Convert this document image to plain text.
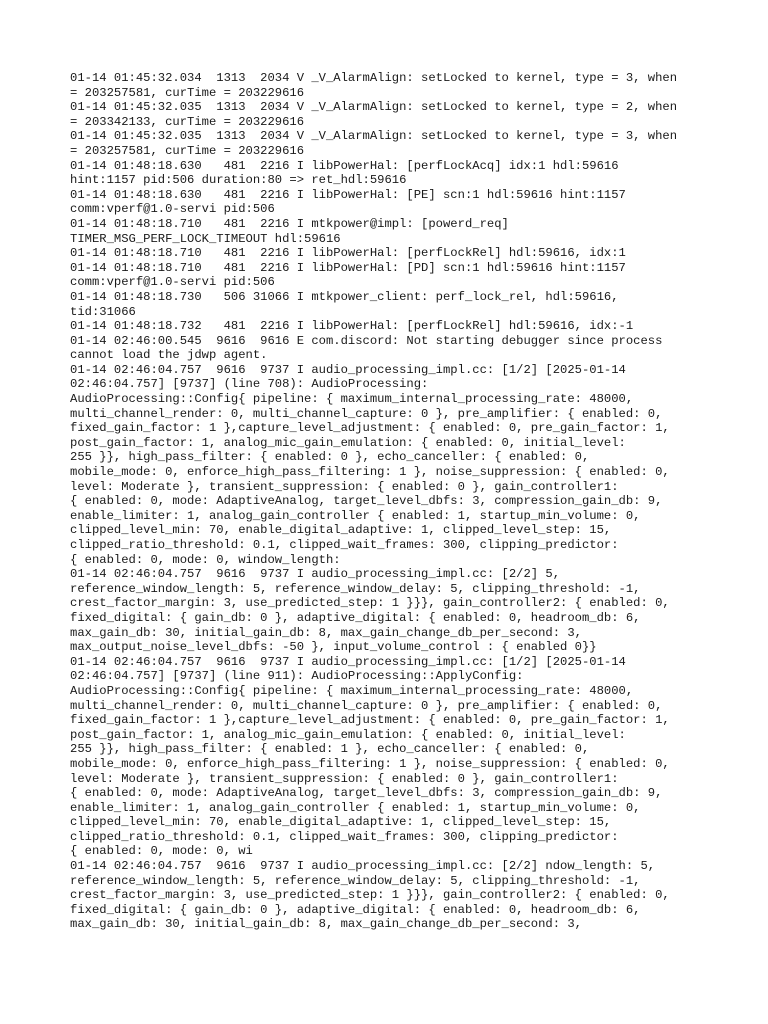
01-14 01:45:32.034  1313  2034 V _V_AlarmAlign: setLocked to kernel, type = 3, when
= 203257581, curTime = 203229616
01-14 01:45:32.035  1313  2034 V _V_AlarmAlign: setLocked to kernel, type = 2, when
= 203342133, curTime = 203229616
01-14 01:45:32.035  1313  2034 V _V_AlarmAlign: setLocked to kernel, type = 3, when
= 203257581, curTime = 203229616
01-14 01:48:18.630   481  2216 I libPowerHal: [perfLockAcq] idx:1 hdl:59616
hint:1157 pid:506 duration:80 => ret_hdl:59616
01-14 01:48:18.630   481  2216 I libPowerHal: [PE] scn:1 hdl:59616 hint:1157
comm:vperf@1.0-servi pid:506
01-14 01:48:18.710   481  2216 I mtkpower@impl: [powerd_req]
TIMER_MSG_PERF_LOCK_TIMEOUT hdl:59616
01-14 01:48:18.710   481  2216 I libPowerHal: [perfLockRel] hdl:59616, idx:1
01-14 01:48:18.710   481  2216 I libPowerHal: [PD] scn:1 hdl:59616 hint:1157
comm:vperf@1.0-servi pid:506
01-14 01:48:18.730   506 31066 I mtkpower_client: perf_lock_rel, hdl:59616,
tid:31066
01-14 01:48:18.732   481  2216 I libPowerHal: [perfLockRel] hdl:59616, idx:-1
01-14 02:46:00.545  9616  9616 E com.discord: Not starting debugger since process
cannot load the jdwp agent.
01-14 02:46:04.757  9616  9737 I audio_processing_impl.cc: [1/2] [2025-01-14
02:46:04.757] [9737] (line 708): AudioProcessing:
AudioProcessing::Config{ pipeline: { maximum_internal_processing_rate: 48000,
multi_channel_render: 0, multi_channel_capture: 0 }, pre_amplifier: { enabled: 0,
fixed_gain_factor: 1 },capture_level_adjustment: { enabled: 0, pre_gain_factor: 1,
post_gain_factor: 1, analog_mic_gain_emulation: { enabled: 0, initial_level:
255 }}, high_pass_filter: { enabled: 0 }, echo_canceller: { enabled: 0,
mobile_mode: 0, enforce_high_pass_filtering: 1 }, noise_suppression: { enabled: 0,
level: Moderate }, transient_suppression: { enabled: 0 }, gain_controller1:
{ enabled: 0, mode: AdaptiveAnalog, target_level_dbfs: 3, compression_gain_db: 9,
enable_limiter: 1, analog_gain_controller { enabled: 1, startup_min_volume: 0,
clipped_level_min: 70, enable_digital_adaptive: 1, clipped_level_step: 15,
clipped_ratio_threshold: 0.1, clipped_wait_frames: 300, clipping_predictor:
{ enabled: 0, mode: 0, window_length:
01-14 02:46:04.757  9616  9737 I audio_processing_impl.cc: [2/2] 5,
reference_window_length: 5, reference_window_delay: 5, clipping_threshold: -1,
crest_factor_margin: 3, use_predicted_step: 1 }}}, gain_controller2: { enabled: 0,
fixed_digital: { gain_db: 0 }, adaptive_digital: { enabled: 0, headroom_db: 6,
max_gain_db: 30, initial_gain_db: 8, max_gain_change_db_per_second: 3,
max_output_noise_level_dbfs: -50 }, input_volume_control : { enabled 0}}
01-14 02:46:04.757  9616  9737 I audio_processing_impl.cc: [1/2] [2025-01-14
02:46:04.757] [9737] (line 911): AudioProcessing::ApplyConfig:
AudioProcessing::Config{ pipeline: { maximum_internal_processing_rate: 48000,
multi_channel_render: 0, multi_channel_capture: 0 }, pre_amplifier: { enabled: 0,
fixed_gain_factor: 1 },capture_level_adjustment: { enabled: 0, pre_gain_factor: 1,
post_gain_factor: 1, analog_mic_gain_emulation: { enabled: 0, initial_level:
255 }}, high_pass_filter: { enabled: 1 }, echo_canceller: { enabled: 0,
mobile_mode: 0, enforce_high_pass_filtering: 1 }, noise_suppression: { enabled: 0,
level: Moderate }, transient_suppression: { enabled: 0 }, gain_controller1:
{ enabled: 0, mode: AdaptiveAnalog, target_level_dbfs: 3, compression_gain_db: 9,
enable_limiter: 1, analog_gain_controller { enabled: 1, startup_min_volume: 0,
clipped_level_min: 70, enable_digital_adaptive: 1, clipped_level_step: 15,
clipped_ratio_threshold: 0.1, clipped_wait_frames: 300, clipping_predictor:
{ enabled: 0, mode: 0, wi
01-14 02:46:04.757  9616  9737 I audio_processing_impl.cc: [2/2] ndow_length: 5,
reference_window_length: 5, reference_window_delay: 5, clipping_threshold: -1,
crest_factor_margin: 3, use_predicted_step: 1 }}}, gain_controller2: { enabled: 0,
fixed_digital: { gain_db: 0 }, adaptive_digital: { enabled: 0, headroom_db: 6,
max_gain_db: 30, initial_gain_db: 8, max_gain_change_db_per_second: 3,
